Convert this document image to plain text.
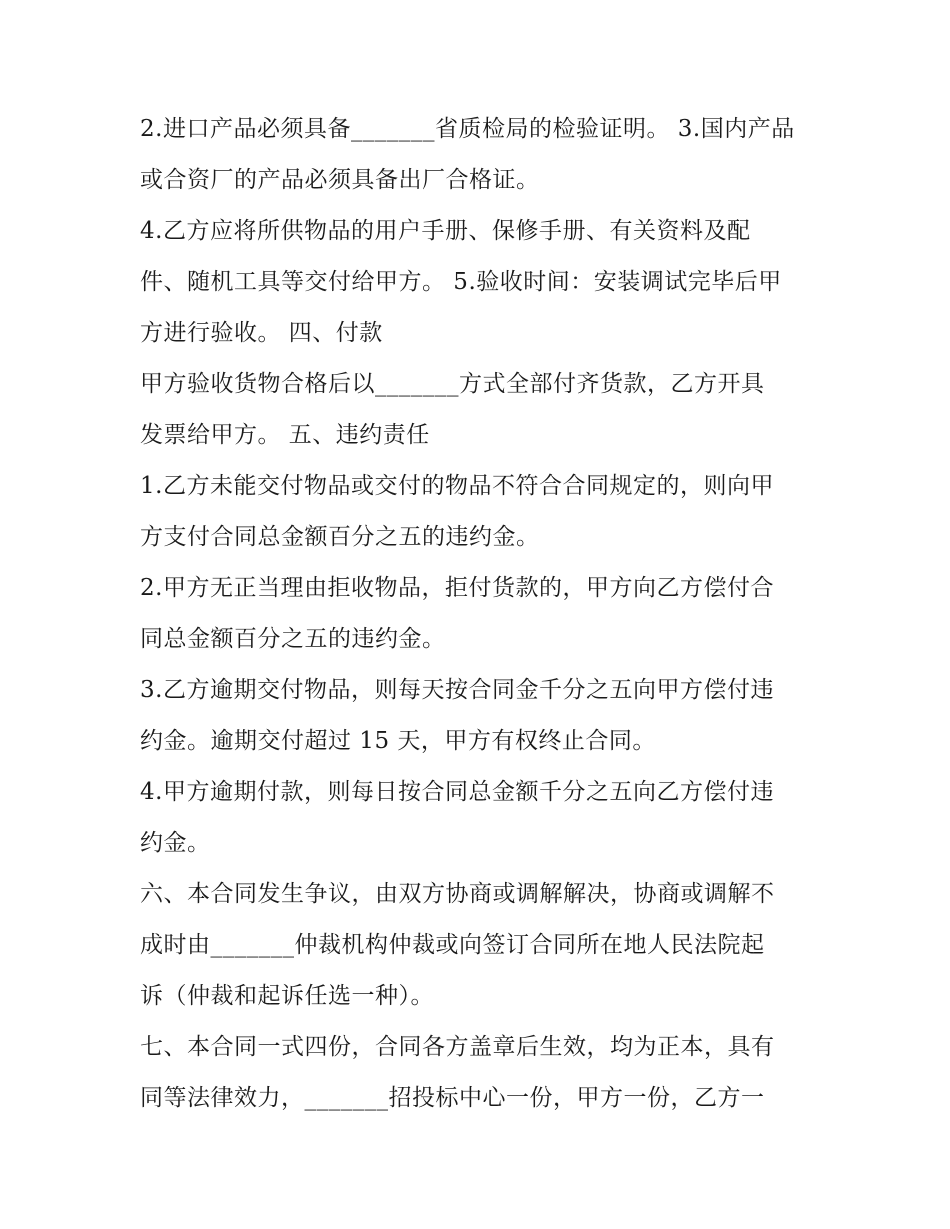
2.进口产品必须具备_______省质检局的检验证明。 3.国内产品
或合资厂的产品必须具备出厂合格证。
4.乙方应将所供物品的用户手册、保修手册、有关资料及配
件、随机工具等交付给甲方。 5.验收时间：安装调试完毕后甲
方进行验收。 四、付款
甲方验收货物合格后以_______方式全部付齐货款，乙方开具
发票给甲方。 五、违约责任
1.乙方未能交付物品或交付的物品不符合合同规定的，则向甲
方支付合同总金额百分之五的违约金。
2.甲方无正当理由拒收物品，拒付货款的，甲方向乙方偿付合
同总金额百分之五的违约金。
3.乙方逾期交付物品，则每天按合同金千分之五向甲方偿付违
约金。逾期交付超过 15 天，甲方有权终止合同。
4.甲方逾期付款，则每日按合同总金额千分之五向乙方偿付违
约金。
六、本合同发生争议，由双方协商或调解解决，协商或调解不
成时由_______仲裁机构仲裁或向签订合同所在地人民法院起
诉（仲裁和起诉任选一种）。
七、本合同一式四份，合同各方盖章后生效，均为正本，具有
同等法律效力，_______招投标中心一份，甲方一份，乙方一
